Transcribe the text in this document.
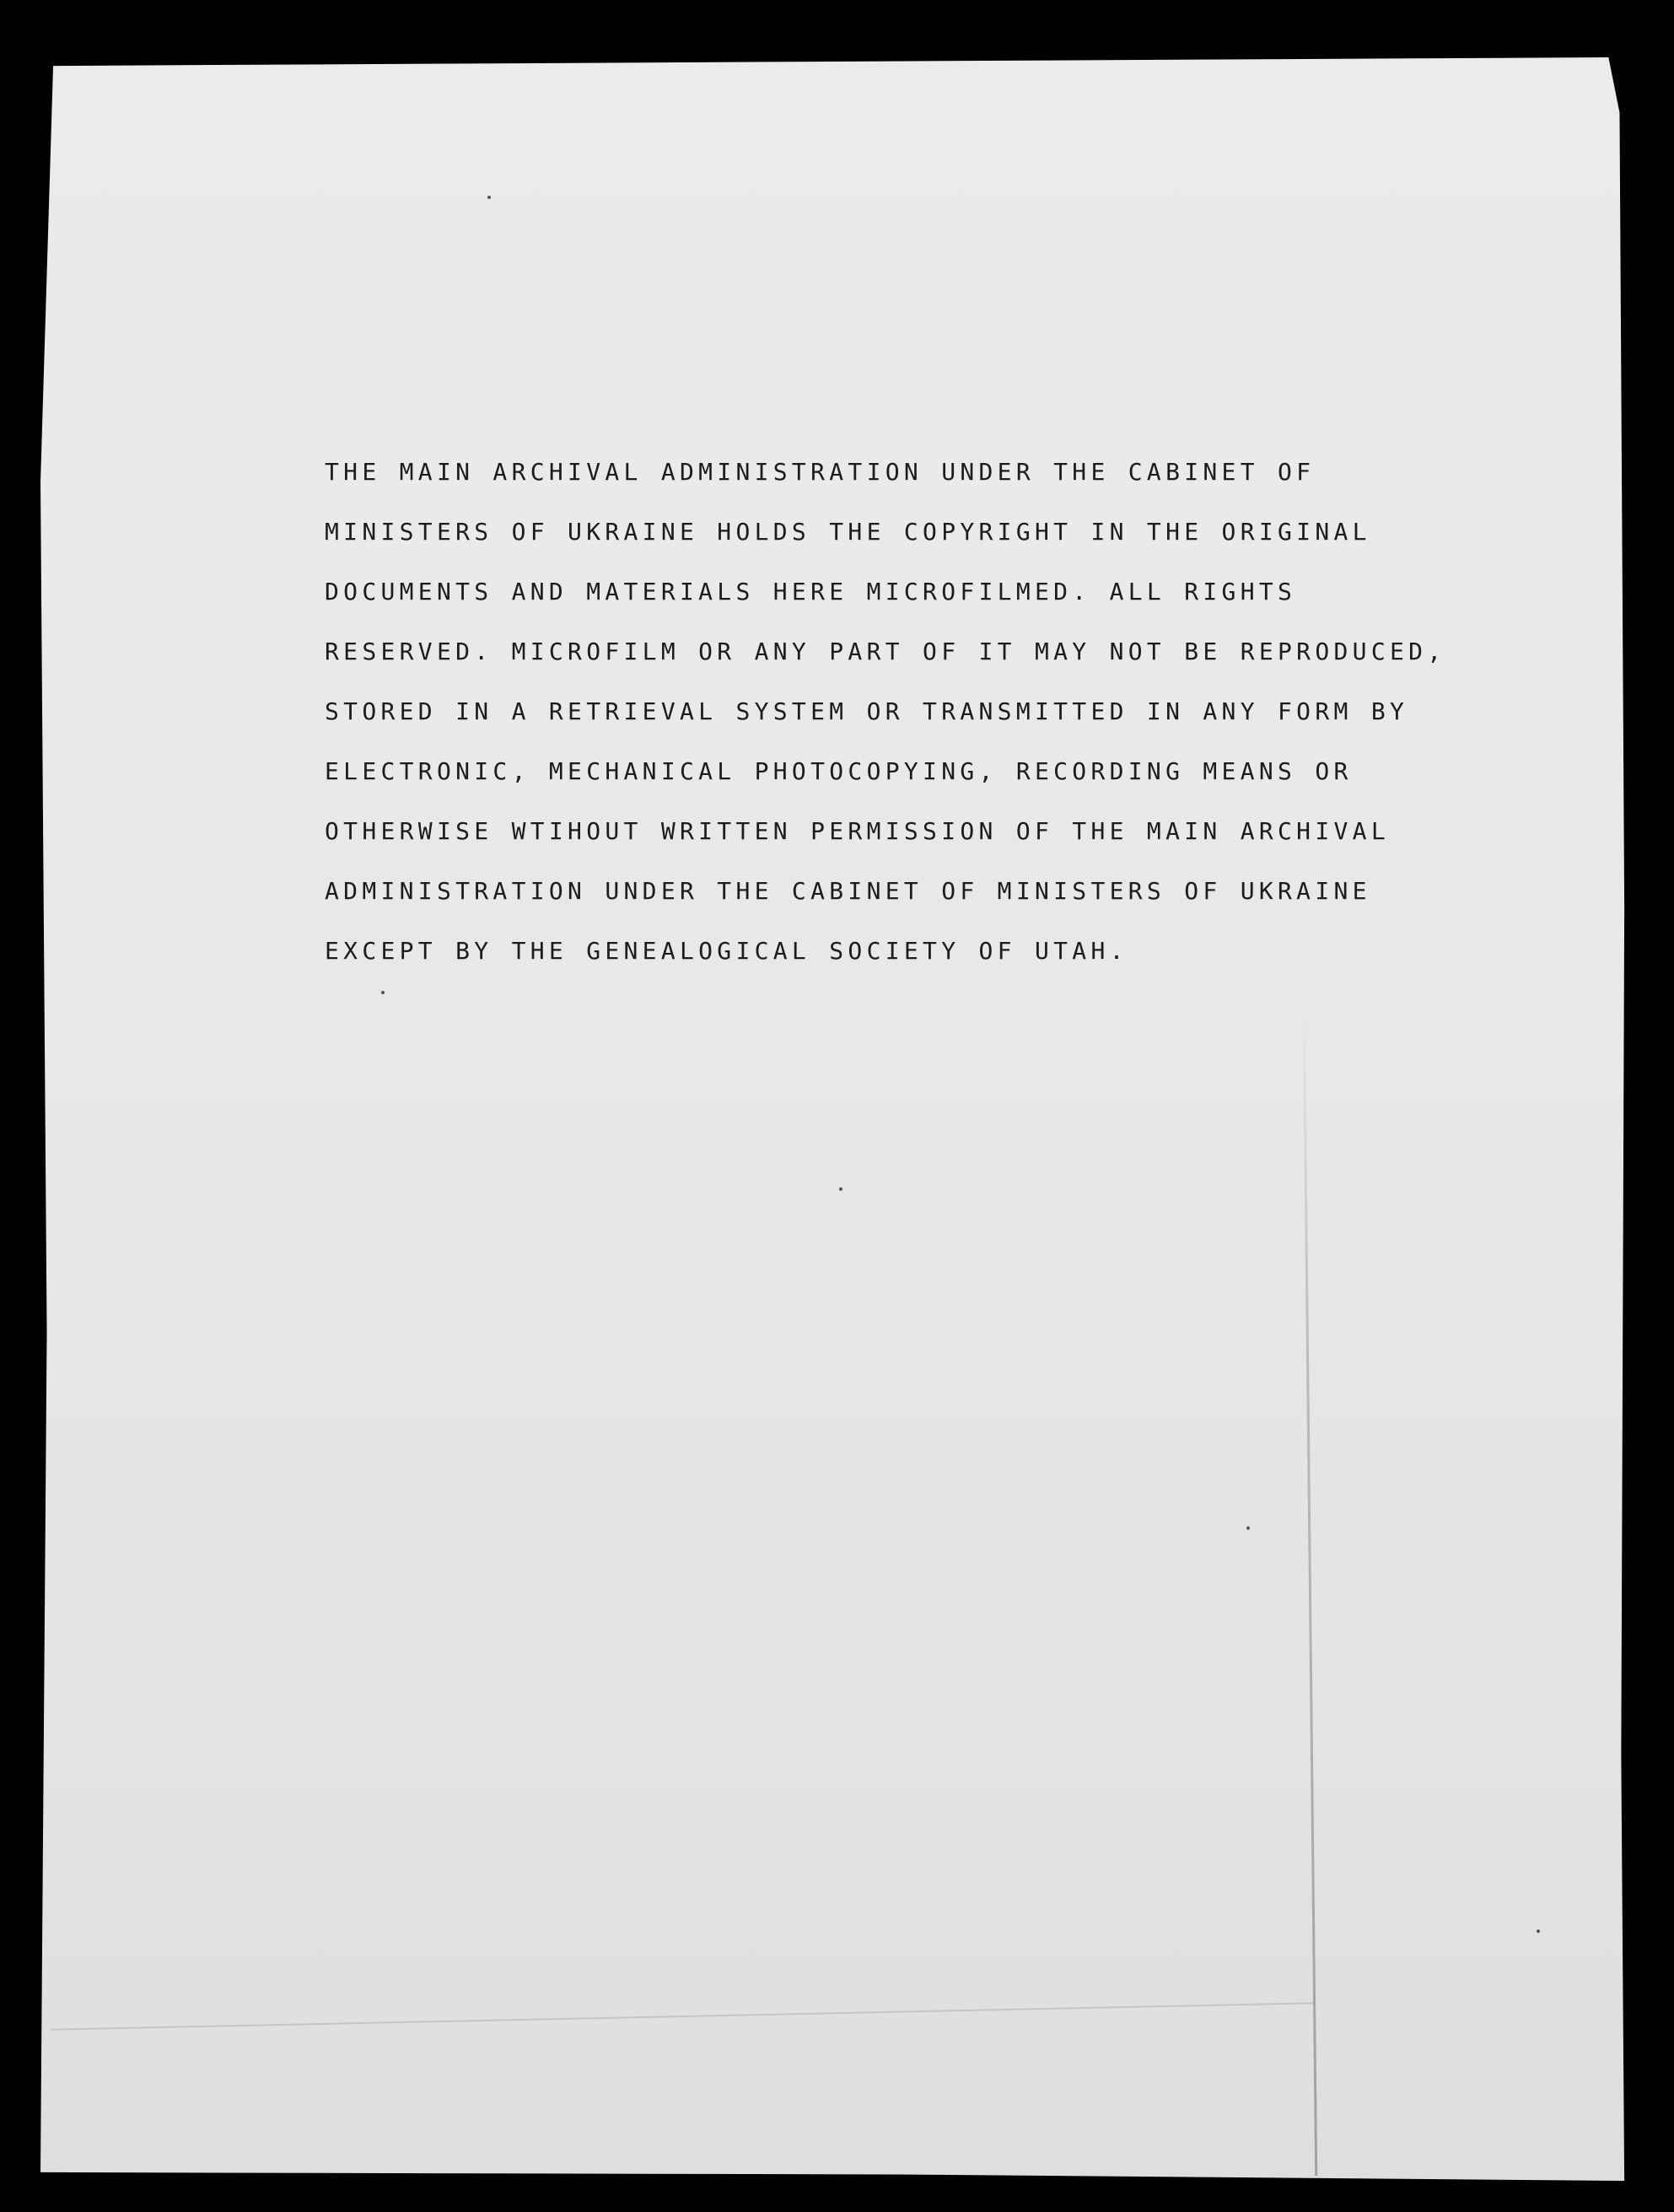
THE MAIN ARCHIVAL ADMINISTRATION UNDER THE CABINET OF
MINISTERS OF UKRAINE HOLDS THE COPYRIGHT IN THE ORIGINAL
DOCUMENTS AND MATERIALS HERE MICROFILMED. ALL RIGHTS
RESERVED. MICROFILM OR ANY PART OF IT MAY NOT BE REPRODUCED,
STORED IN A RETRIEVAL SYSTEM OR TRANSMITTED IN ANY FORM BY
ELECTRONIC, MECHANICAL PHOTOCOPYING, RECORDING MEANS OR
OTHERWISE WTIHOUT WRITTEN PERMISSION OF THE MAIN ARCHIVAL
ADMINISTRATION UNDER THE CABINET OF MINISTERS OF UKRAINE
EXCEPT BY THE GENEALOGICAL SOCIETY OF UTAH.
